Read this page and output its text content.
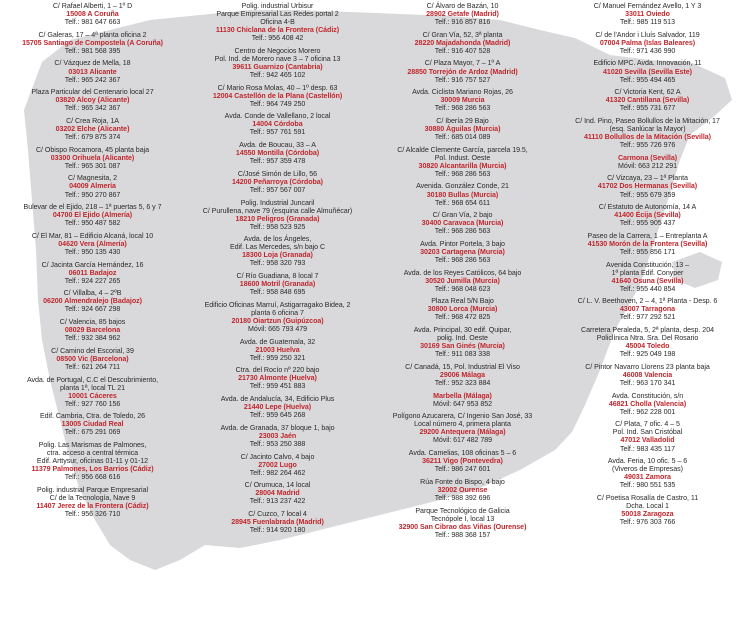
C/ Rafael Alberti, 1 – 1º D
15008 A Coruña
Telf.: 981 647 663
C/ Galeras, 17 – 4ª planta oficina 2
15705 Santiago de Compostela (A Coruña)
Telf.: 981 568 395
C/ Vázquez de Mella, 18
03013 Alicante
Telf.: 965 242 367
Plaza Particular del Centenario local 27
03820 Alcoy (Alicante)
Telf.: 965 342 367
C/ Crea Roja, 1A
03202 Elche (Alicante)
Telf.: 679 875 374
C/ Obispo Rocamora, 45 planta baja
03300 Orihuela (Alicante)
Telf.: 965 301 087
C/ Magnesita, 2
04009 Almería
Telf.: 950 270 867
Bulevar de el Ejido, 218 – 1ª puertas 5, 6 y 7
04700 El Ejido (Almería)
Telf.: 950 487 582
C/ El Mar, 81 – Edificio Alcaná, local 10
04620 Vera (Almería)
Telf.: 950 135 430
C/ Jacinta García Hernández, 16
06011 Badajoz
Telf.: 924 227 265
C/ Villalba, 4 – 2ºB
06200 Almendralejo (Badajoz)
Telf.: 924 667 298
C/ Valencia, 85 bajos
08029 Barcelona
Telf.: 932 384 962
C/ Camino del Escorial, 39
08500 Vic (Barcelona)
Telf.: 621 264 711
Avda. de Portugal, C.C el Descubrimiento,
planta 1ª, local TL 21
10001 Cáceres
Telf.: 927 760 156
Edif. Cambria, Ctra. de Toledo, 26
13005 Ciudad Real
Telf.: 675 291 069
Polig. Las Marismas de Palmones,
ctra. acceso a central térmica
Edif. Arttysur, oficinas 01-11 y 01-12
11379 Palmones, Los Barrios (Cádiz)
Telf.: 956 668 616
Polig. industrial Parque Empresarial
C/ de la Tecnología, Nave 9
11407 Jerez de la Frontera (Cádiz)
Telf.: 956 326 710
Polig. industrial Urbisur
Parque Empresarial Las Redes portal 2
Oficina 4-B
11130 Chiclana de la Frontera (Cádiz)
Telf.: 956 408 42
Centro de Negocios Morero
Pol. Ind. de Morero nave 3 – 7 oficina 13
39611 Guarnizo (Cantabria)
Telf.: 942 465 102
C/ Mario Rosa Molas, 40 – 1º desp. 63
12004 Castellón de la Plana (Castellón)
Telf.: 964 749 250
Avda. Conde de Vallellano, 2 local
14004 Córdoba
Telf.: 957 761 591
Avda. de Boucau, 33 – A
14550 Montilla (Córdoba)
Telf.: 957 359 478
C/José Simón de Lillo, 56
14200 Peñarroya (Córdoba)
Telf.: 957 567 007
Polig. Industrial Juncaril
C/ Purullena, nave 79 (esquina calle Almuñécar)
18210 Peligros (Granada)
Telf.: 958 523 925
Avda. de los Ángeles,
Edif. Las Mercedes, s/n bajo C
18300 Loja (Granada)
Telf.: 958 320 793
C/ Río Guadiana, 8 local 7
18600 Motril (Granada)
Telf.: 958 848 695
Edificio Oficinas Marruí, Astigarragako Bidea, 2
planta 6 oficina 7
20180 Oiartzun (Guipúzcoa)
Móvil: 665 793 479
Avda. de Guatemala, 32
21003 Huelva
Telf.: 959 250 321
Ctra. del Rocío nº 220 bajo
21730 Almonte (Huelva)
Telf.: 959 451 883
Avda. de Andalucía, 34, Edificio Plus
21440 Lepe (Huelva)
Telf.: 959 645 268
Avda. de Granada, 37 bloque 1, bajo
23003 Jaén
Telf.: 953 250 388
C/ Jacinto Calvo, 4 bajo
27002 Lugo
Telf.: 982 264 462
C/ Orumuca, 14 local
28004 Madrid
Telf.: 913 237 422
C/ Cuzco, 7 local 4
28945 Fuenlabrada (Madrid)
Telf.: 914 920 180
C/ Álvaro de Bazán, 10
28902 Getafe (Madrid)
Telf.: 916 857 816
C/ Gran Vía, 52, 3ª planta
28220 Majadahonda (Madrid)
Telf.: 916 407 528
C/ Plaza Mayor, 7 – 1º A
28850 Torrejón de Ardoz (Madrid)
Telf.: 916 757 527
Avda. Ciclista Mariano Rojas, 26
30009 Murcia
Telf.: 968 286 563
C/ Ibería 29 Bajo
30880 Águilas (Murcia)
Telf.: 685 014 089
C/ Alcalde Clemente García, parcela 19.5,
Pol. Indust. Oeste
30820 Alcantarilla (Murcia)
Telf.: 968 286 563
Avenida. González Conde, 21
30180 Bullas (Murcia)
Telf.: 968 654 611
C/ Gran Vía, 2 bajo
30400 Caravaca (Murcia)
Telf.: 968 286 563
Avda. Pintor Portela, 3 bajo
30203 Cartagena (Murcia)
Telf.: 968 286 563
Avda. de los Reyes Católicos, 64 bajo
30520 Jumilla (Murcia)
Telf.: 968 048 623
Plaza Real 5/N Bajo
30800 Lorca (Murcia)
Telf.: 968 472 825
Avda. Principal, 30 edif. Quipar,
polig. Ind. Oeste
30169 San Ginés (Murcia)
Telf.: 911 083 338
C/ Canadá, 15, Pol. Industrial El Viso
29006 Málaga
Telf.: 952 323 884
Marbella (Málaga)
Móvil: 647 953 852
Polígono Azucarera, C/ Ingenio San José, 33
Local número 4, primera planta
29200 Antequera (Málaga)
Móvil: 617 482 789
Avda. Camelias, 108 oficinas 5 – 6
36211 Vigo (Pontevedra)
Telf.: 986 247 601
Rúa Fonte do Bispo, 4 bajo
32002 Ourense
Telf.: 988 392 696
Parque Tecnológico de Galicia
Tecnópole I, local 13
32900 San Cibrao das Viñas (Ourense)
Telf.: 988 368 157
C/ Manuel Fernández Avello, 1 Y 3
33011 Oviedo
Telf.: 985 119 513
C/ de l'Andor i Lluís Salvador, 119
07004 Palma (Islas Baleares)
Telf.: 971 436 990
Edificio MPC. Avda. Innovación, 11
41020 Sevilla (Sevilla Este)
Telf.: 955 494 465
C/ Victoria Kent, 62 A
41320 Cantillana (Sevilla)
Telf.: 955 731 677
C/ Ind. Pino, Paseo Bollullos de la Mitación, 17
(esq. Sanlúcar la Mayor)
41110 Bollullos de la Mitación (Sevilla)
Telf.: 955 726 976
Carmona (Sevilla)
Móvil: 663 212 291
C/ Vizcaya, 23 – 1ª Planta
41702 Dos Hermanas (Sevilla)
Telf.: 955 679 359
C/ Estatuto de Autonomía, 14 A
41400 Écija (Sevilla)
Telf.: 955 905 437
Paseo de la Carrera, 1 – Entreplanta A
41530 Morón de la Frontera (Sevilla)
Telf.: 955 856 171
Avenida Constitución, 13 –
1ª planta Edif. Conyper
41640 Osuna (Sevilla)
Telf.: 955 440 854
C/ L. V. Beethoven, 2 – 4, 1ª Planta - Desp. 6
43007 Tarragona
Telf.: 977 292 521
Carretera Peraleda, 5, 2ª planta, desp. 204
Policlínica Ntra. Sra. Del Rosario
45004 Toledo
Telf.: 925 049 198
C/ Pintor Navarro Llorens 23 planta baja
46008 Valencia
Telf.: 963 170 341
Avda. Constitución, s/n
46821 Cholla (Valencia)
Telf.: 962 228 001
C/ Plata, 7 ofic. 4 – 5
Pol. Ind. San Cristóbal
47012 Valladolid
Telf.: 983 435 117
Avda. Feria, 10 ofic. 5 – 6
(Viveros de Empresas)
49031 Zamora
Telf.: 980 551 535
C/ Poetisa Rosalía de Castro, 11
Dcha. Local 1
50018 Zaragoza
Telf.: 976 303 766
